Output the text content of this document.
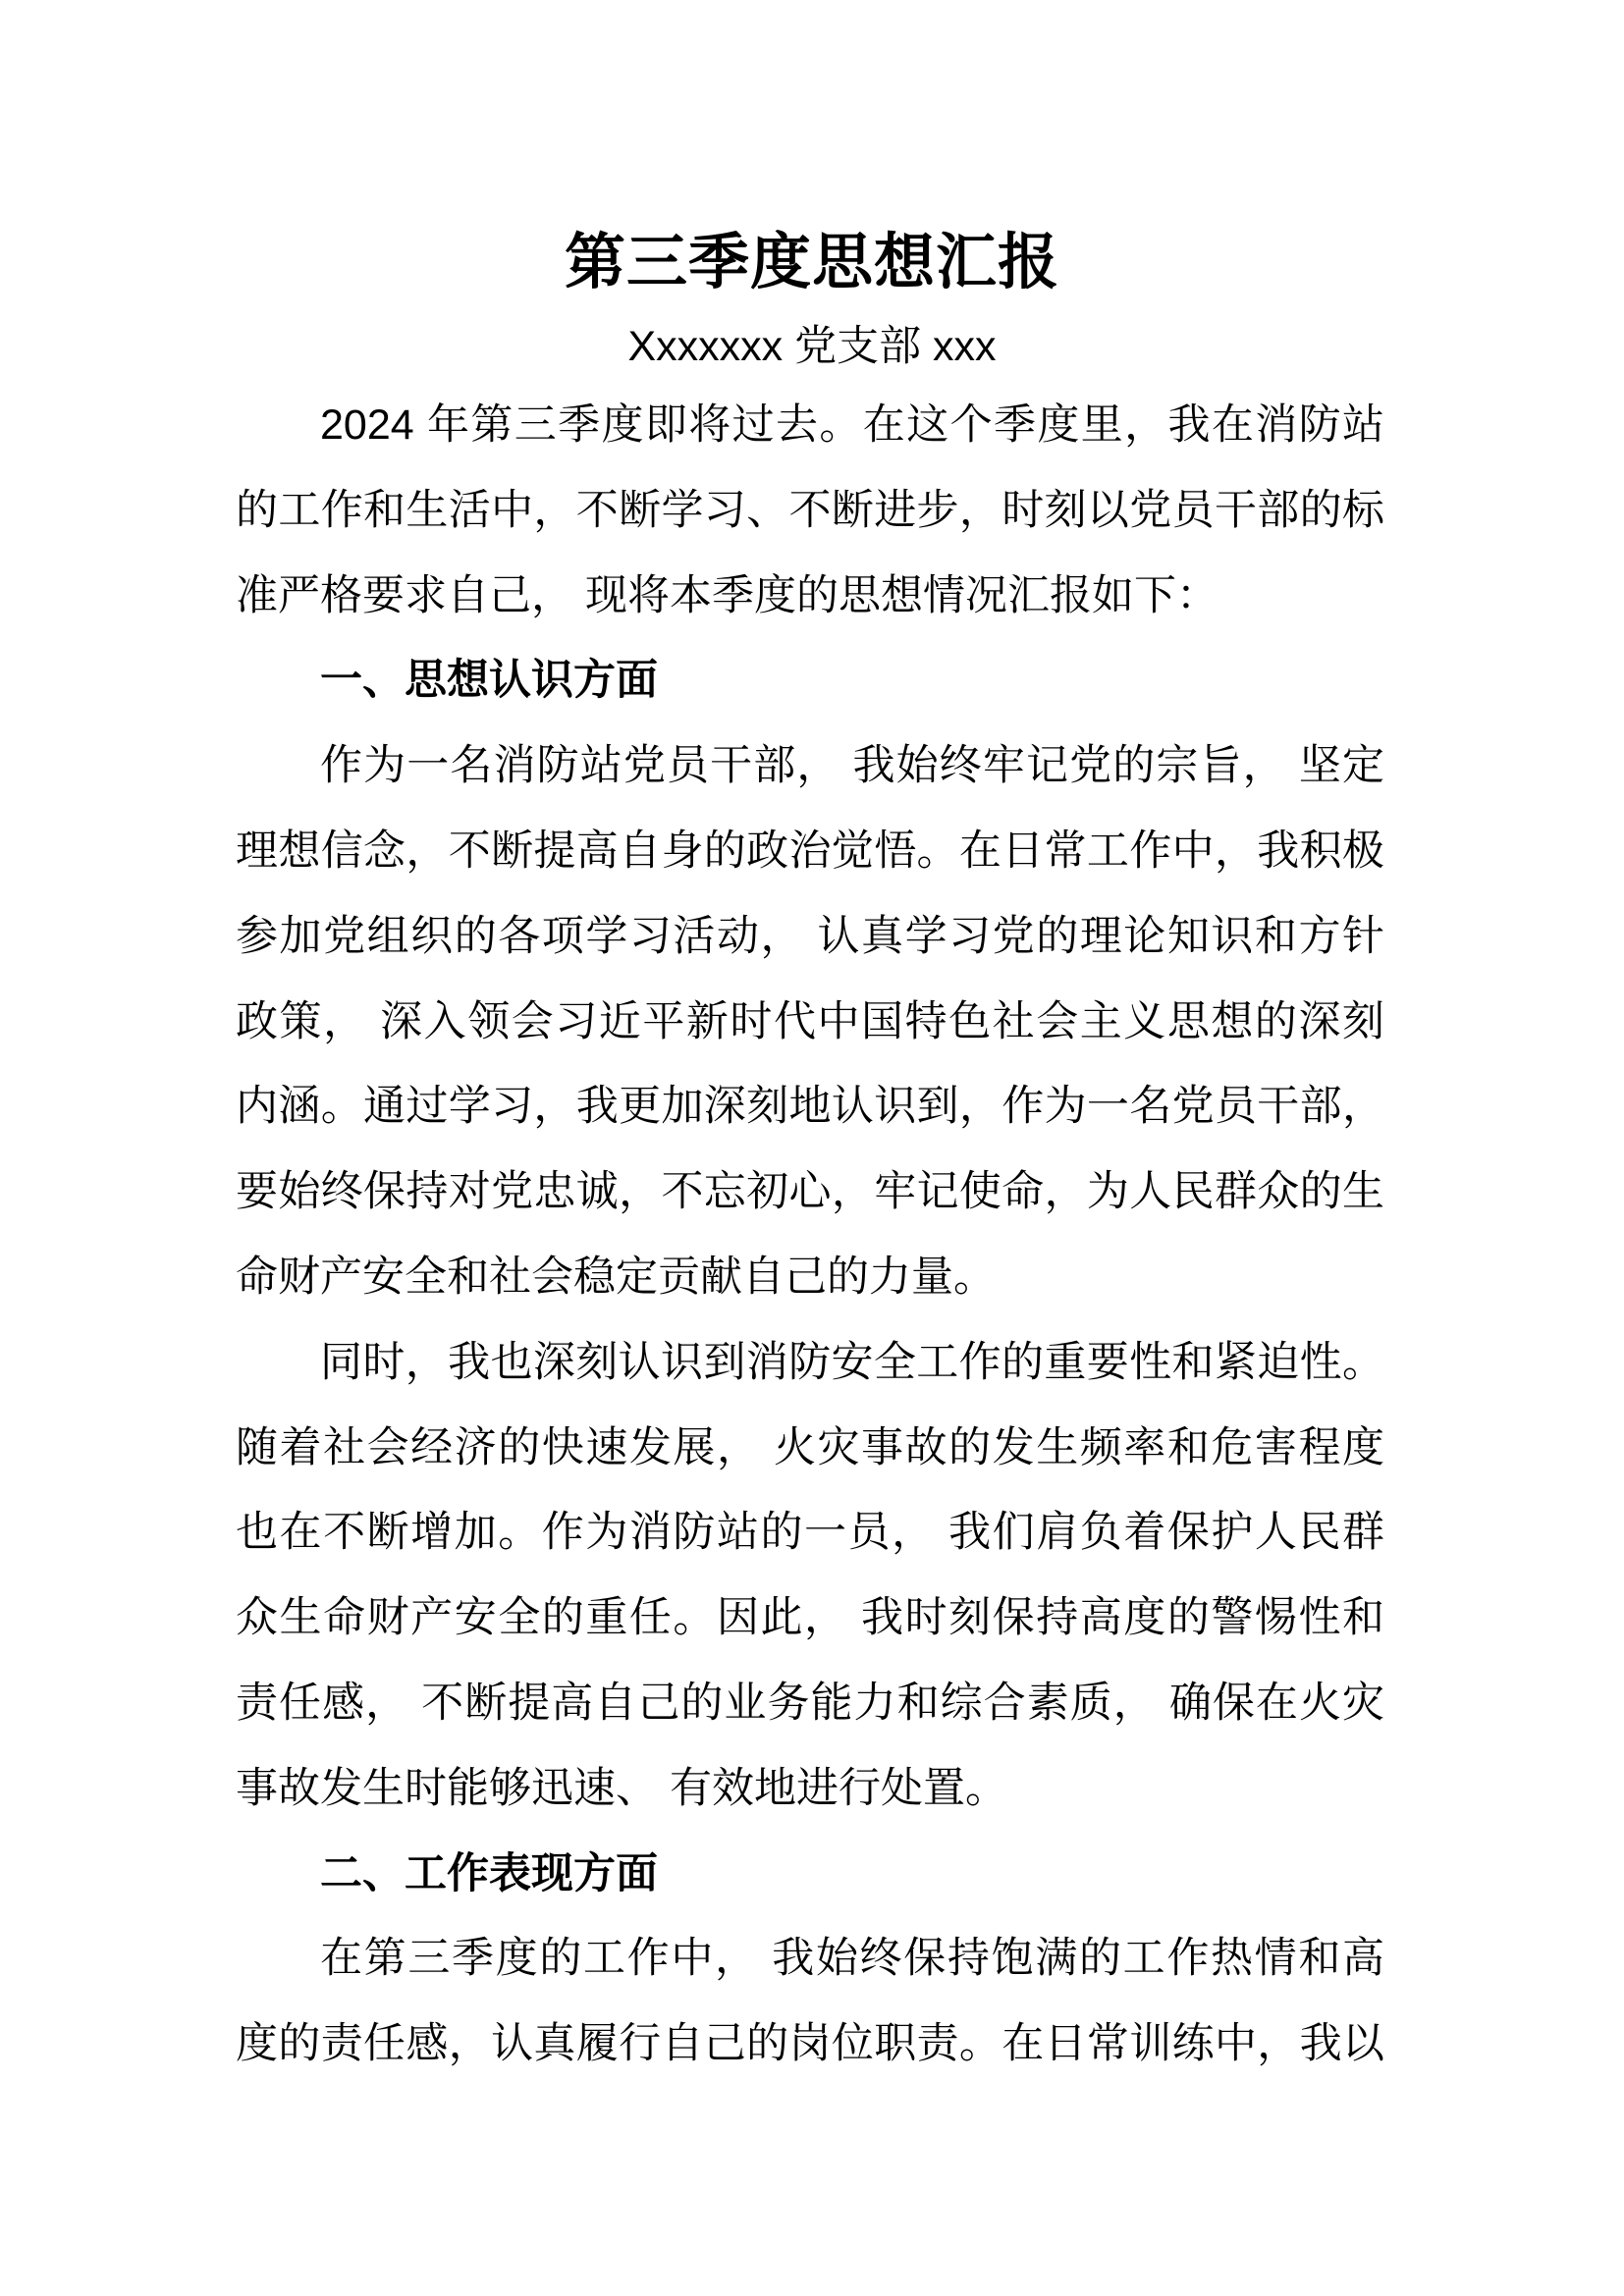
第三季度思想汇报
Xxxxxxx 党支部 xxx
2024 年第三季度即将过去。在这个季度里，我在消防站
的工作和生活中，不断学习、不断进步，时刻以党员干部的标
准严格要求自己， 现将本季度的思想情况汇报如下：
一、思想认识方面
作为一名消防站党员干部， 我始终牢记党的宗旨， 坚定
理想信念，不断提高自身的政治觉悟。在日常工作中，我积极
参加党组织的各项学习活动， 认真学习党的理论知识和方针
政策， 深入领会习近平新时代中国特色社会主义思想的深刻
内涵。通过学习，我更加深刻地认识到，作为一名党员干部，
要始终保持对党忠诚，不忘初心，牢记使命，为人民群众的生
命财产安全和社会稳定贡献自己的力量。
同时，我也深刻认识到消防安全工作的重要性和紧迫性。
随着社会经济的快速发展， 火灾事故的发生频率和危害程度
也在不断增加。作为消防站的一员， 我们肩负着保护人民群
众生命财产安全的重任。因此， 我时刻保持高度的警惕性和
责任感， 不断提高自己的业务能力和综合素质， 确保在火灾
事故发生时能够迅速、 有效地进行处置。
二、工作表现方面
在第三季度的工作中， 我始终保持饱满的工作热情和高
度的责任感，认真履行自己的岗位职责。在日常训练中，我以
